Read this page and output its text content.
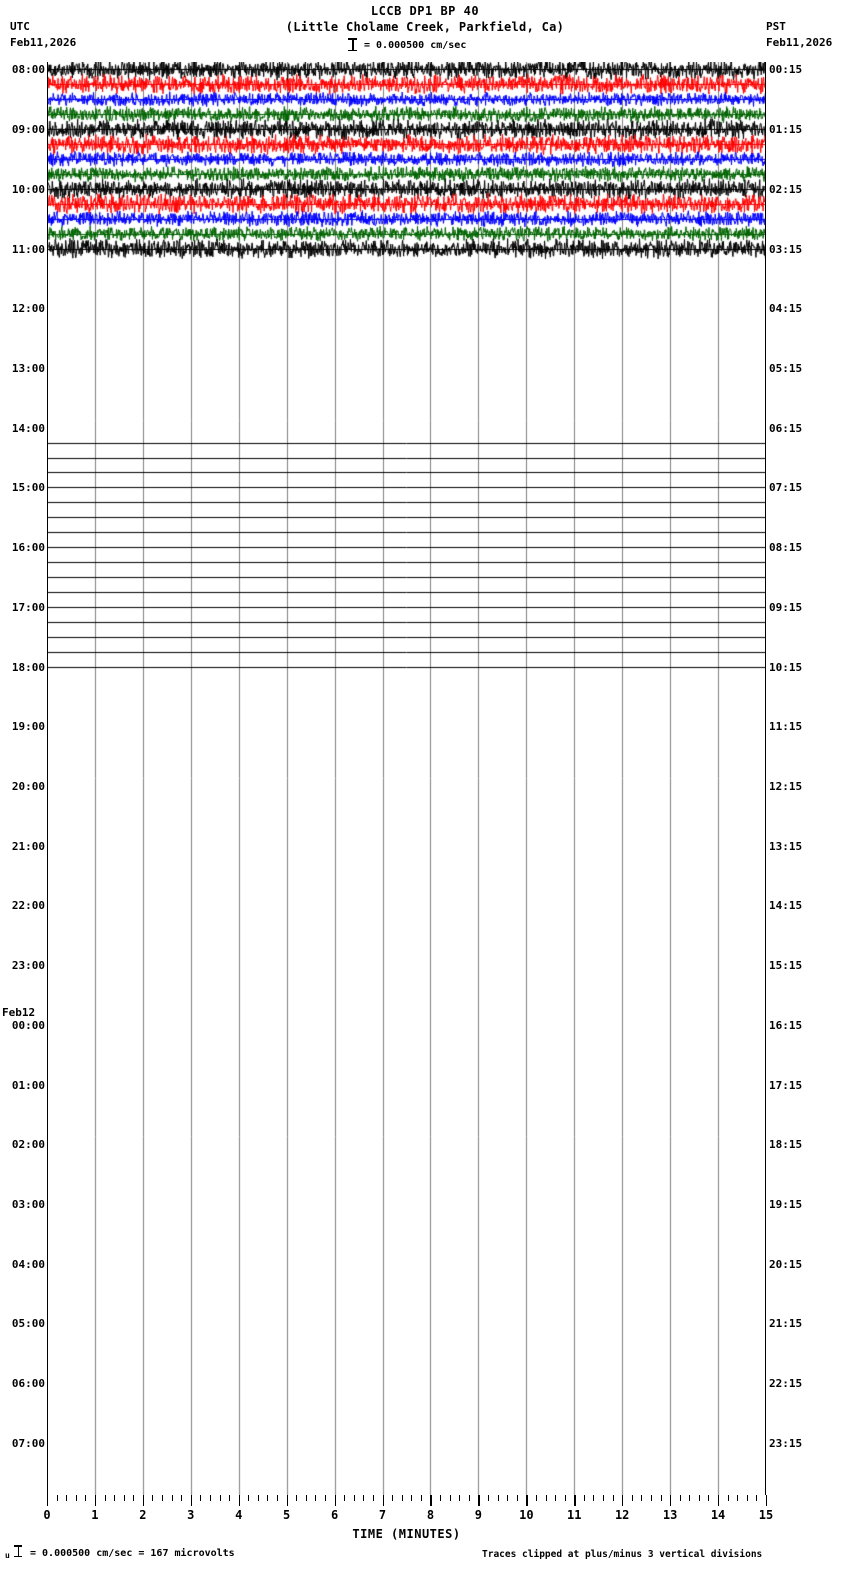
LCCB DP1 BP 40
(Little Cholame Creek, Parkfield, Ca)
UTC
Feb11,2026
PST
Feb11,2026
= 0.000500 cm/sec
08:00
09:00
10:00
11:00
12:00
13:00
14:00
15:00
16:00
17:00
18:00
19:00
20:00
21:00
22:00
23:00
00:00
Feb12
01:00
02:00
03:00
04:00
05:00
06:00
07:00
00:15
01:15
02:15
03:15
04:15
05:15
06:15
07:15
08:15
09:15
10:15
11:15
12:15
13:15
14:15
15:15
16:15
17:15
18:15
19:15
20:15
21:15
22:15
23:15
0	1	2	3	4	5	6	7	8	9	10	11	12	13	14	15
TIME (MINUTES)
u = 0.000500 cm/sec = 167 microvolts	Traces clipped at plus/minus 3 vertical divisions
